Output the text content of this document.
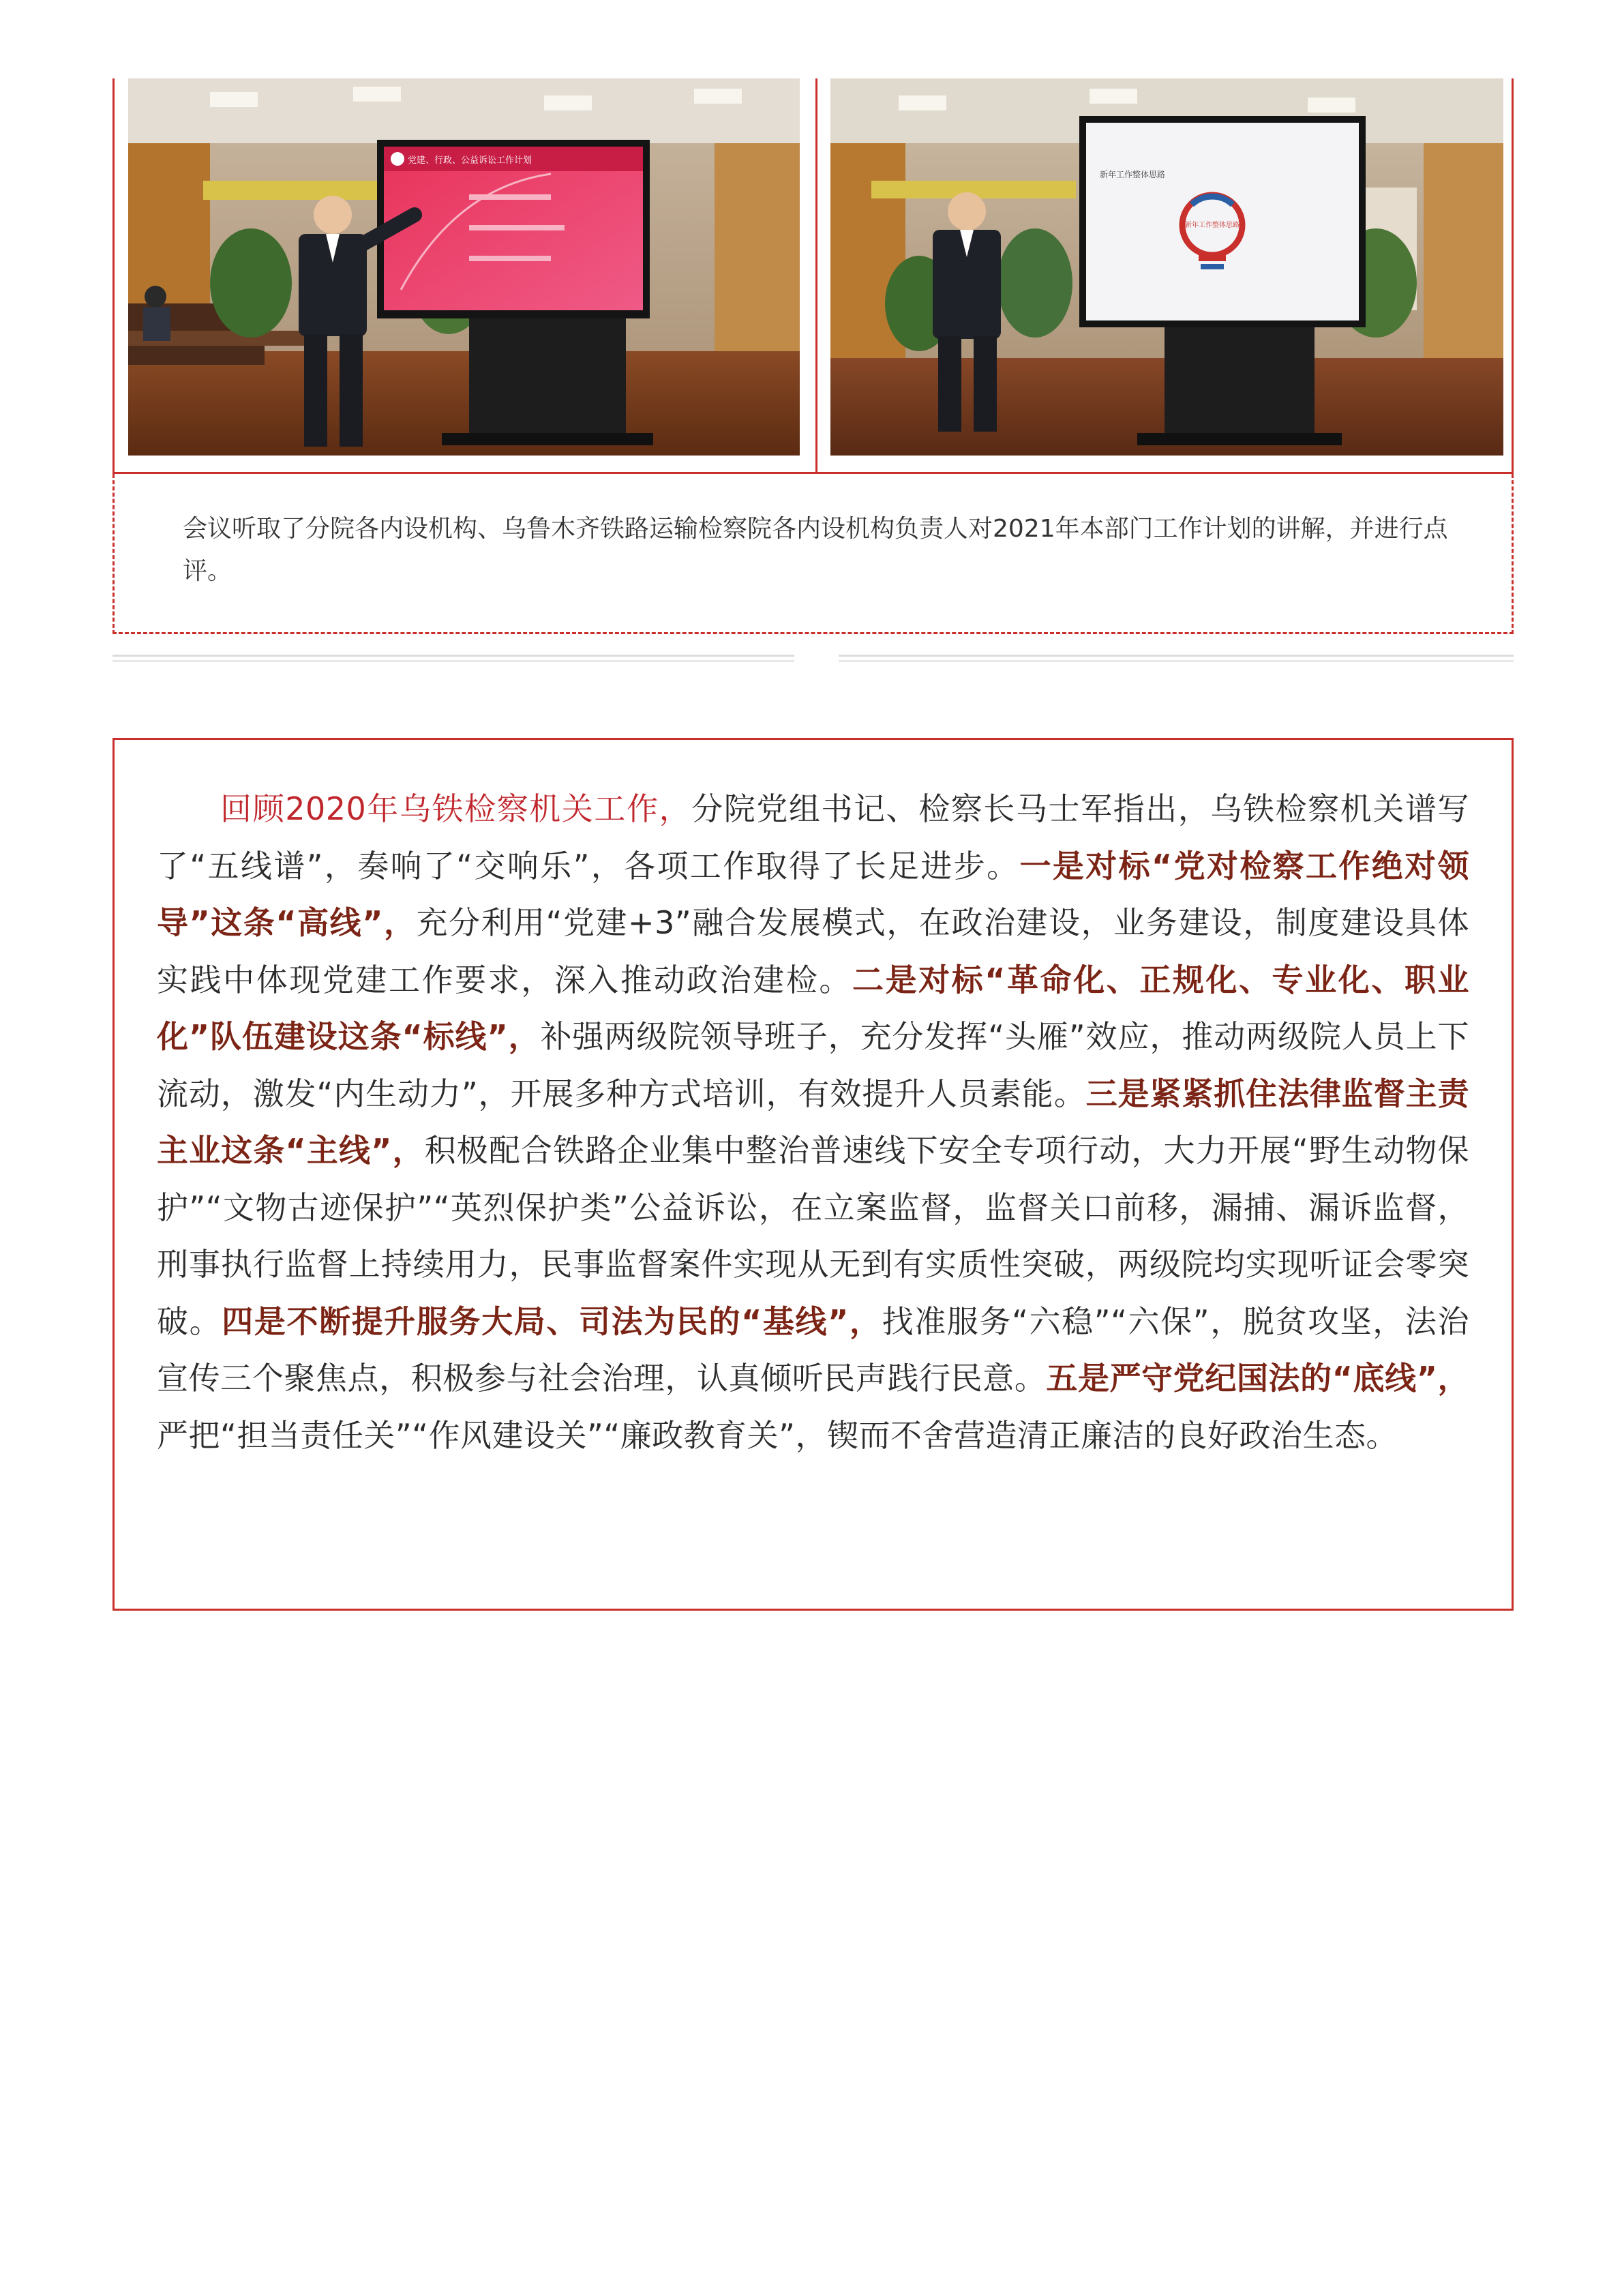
党建、行政、公益诉讼工作计划
新年工作整体思路
新年工作整体思路

会议听取了分院各内设机构、乌鲁木齐铁路运输检察院各内设机构负责人对2021年本部门工作计划的讲解，并进行点评。

回顾2020年乌铁检察机关工作，分院党组书记、检察长马士军指出，乌铁检察机关谱写了“五线谱”，奏响了“交响乐”，各项工作取得了长足进步。一是对标“党对检察工作绝对领导”这条“高线”，充分利用“党建+3”融合发展模式，在政治建设，业务建设，制度建设具体实践中体现党建工作要求，深入推动政治建检。二是对标“革命化、正规化、专业化、职业化”队伍建设这条“标线”，补强两级院领导班子，充分发挥“头雁”效应，推动两级院人员上下流动，激发“内生动力”，开展多种方式培训，有效提升人员素能。三是紧紧抓住法律监督主责主业这条“主线”，积极配合铁路企业集中整治普速线下安全专项行动，大力开展“野生动物保护”“文物古迹保护”“英烈保护类”公益诉讼，在立案监督，监督关口前移，漏捕、漏诉监督，刑事执行监督上持续用力，民事监督案件实现从无到有实质性突破，两级院均实现听证会零突破。四是不断提升服务大局、司法为民的“基线”，找准服务“六稳”“六保”，脱贫攻坚，法治宣传三个聚焦点，积极参与社会治理，认真倾听民声践行民意。五是严守党纪国法的“底线”，严把“担当责任关”“作风建设关”“廉政教育关”，锲而不舍营造清正廉洁的良好政治生态。
